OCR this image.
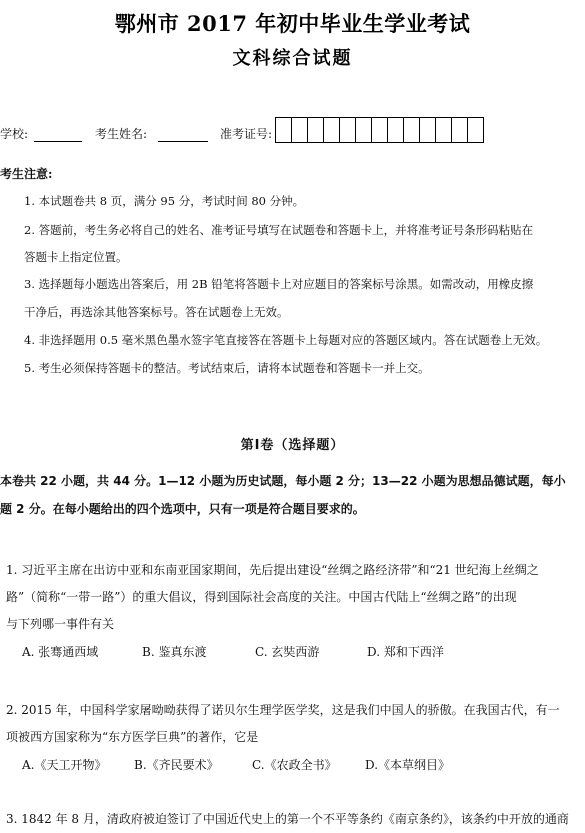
鄂州市 2017 年初中毕业生学业考试
文科综合试题
学校:	考生姓名:	准考证号:
考生注意:
1. 本试题卷共 8 页，满分 95 分，考试时间 80 分钟。
2. 答题前，考生务必将自己的姓名、准考证号填写在试题卷和答题卡上，并将准考证号条形码粘贴在
答题卡上指定位置。
3. 选择题每小题选出答案后，用 2B 铅笔将答题卡上对应题目的答案标号涂黑。如需改动，用橡皮擦
干净后，再选涂其他答案标号。答在试题卷上无效。
4. 非选择题用 0.5 毫米黑色墨水签字笔直接答在答题卡上每题对应的答题区域内。答在试题卷上无效。
5. 考生必须保持答题卡的整洁。考试结束后，请将本试题卷和答题卡一并上交。
第Ⅰ卷（选择题）
本卷共 22 小题，共 44 分。1—12 小题为历史试题，每小题 2 分；13—22 小题为思想品德试题，每小
题 2 分。在每小题给出的四个选项中，只有一项是符合题目要求的。
1. 习近平主席在出访中亚和东南亚国家期间，先后提出建设“丝绸之路经济带”和“21 世纪海上丝绸之
路”（简称“一带一路”）的重大倡议，得到国际社会高度的关注。中国古代陆上“丝绸之路”的出现
与下列哪一事件有关
A. 张骞通西域	B. 鉴真东渡	C. 玄奘西游	D. 郑和下西洋
2. 2015 年，中国科学家屠呦呦获得了诺贝尔生理学医学奖，这是我们中国人的骄傲。在我国古代，有一
项被西方国家称为“东方医学巨典”的著作，它是
A.《天工开物》 B.《齐民要术》	C.《农政全书》 D.《本草纲目》
3. 1842 年 8 月，清政府被迫签订了中国近代史上的第一个不平等条约《南京条约》，该条约中开放的通商
